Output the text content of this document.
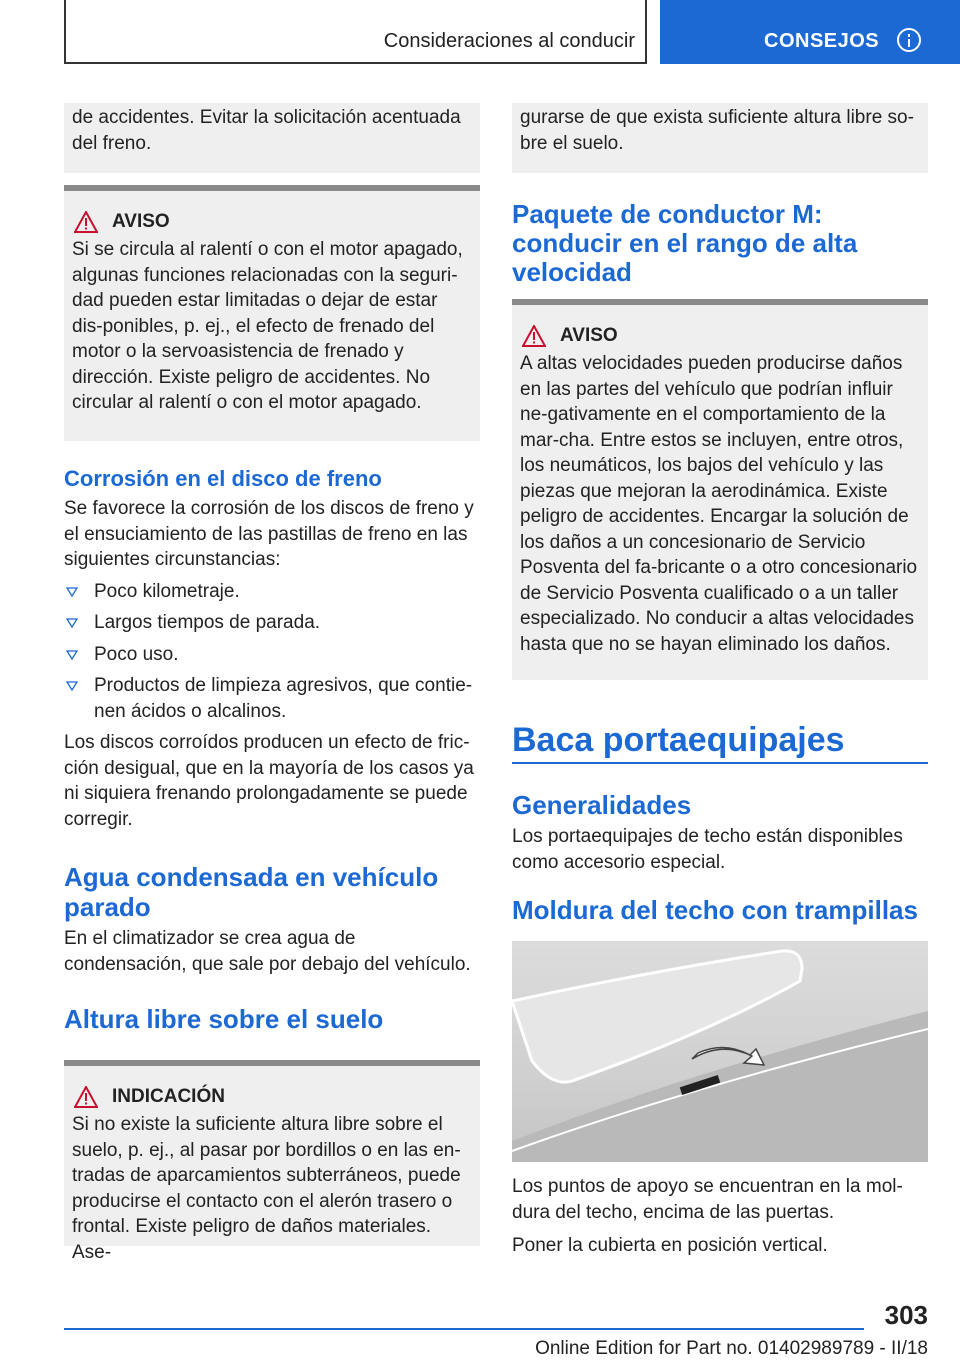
Consideraciones al conducir	CONSEJOS

de accidentes. Evitar la solicitación acentuada del freno.

AVISO

Si se circula al ralentí o con el motor apagado, algunas funciones relacionadas con la seguri‐dad pueden estar limitadas o dejar de estar dis‐ponibles, p. ej., el efecto de frenado del motor o la servoasistencia de frenado y dirección. Existe peligro de accidentes. No circular al ralentí o con el motor apagado.

Corrosión en el disco de freno

Se favorece la corrosión de los discos de freno y el ensuciamiento de las pastillas de freno en las siguientes circunstancias:

Poco kilometraje.
Largos tiempos de parada.
Poco uso.
Productos de limpieza agresivos, que contie‐nen ácidos o alcalinos.

Los discos corroídos producen un efecto de fric‐ción desigual, que en la mayoría de los casos ya ni siquiera frenando prolongadamente se puede corregir.

Agua condensada en vehículo parado

En el climatizador se crea agua de condensación, que sale por debajo del vehículo.

Altura libre sobre el suelo
INDICACIÓN

Si no existe la suficiente altura libre sobre el suelo, p. ej., al pasar por bordillos o en las en‐tradas de aparcamientos subterráneos, puede producirse el contacto con el alerón trasero o frontal. Existe peligro de daños materiales. Ase‐

gurarse de que exista suficiente altura libre so‐bre el suelo.

Paquete de conductor M: conducir en el rango de alta velocidad
AVISO

A altas velocidades pueden producirse daños en las partes del vehículo que podrían influir ne‐gativamente en el comportamiento de la mar‐cha. Entre estos se incluyen, entre otros, los neumáticos, los bajos del vehículo y las piezas que mejoran la aerodinámica. Existe peligro de accidentes. Encargar la solución de los daños a un concesionario de Servicio Posventa del fa‐bricante o a otro concesionario de Servicio Posventa cualificado o a un taller especializado. No conducir a altas velocidades hasta que no se hayan eliminado los daños.

Baca portaequipajes
Generalidades

Los portaequipajes de techo están disponibles como accesorio especial.

Moldura del techo con trampillas

Los puntos de apoyo se encuentran en la mol‐dura del techo, encima de las puertas.

Poner la cubierta en posición vertical.

303
Online Edition for Part no. 01402989789 - II/18
